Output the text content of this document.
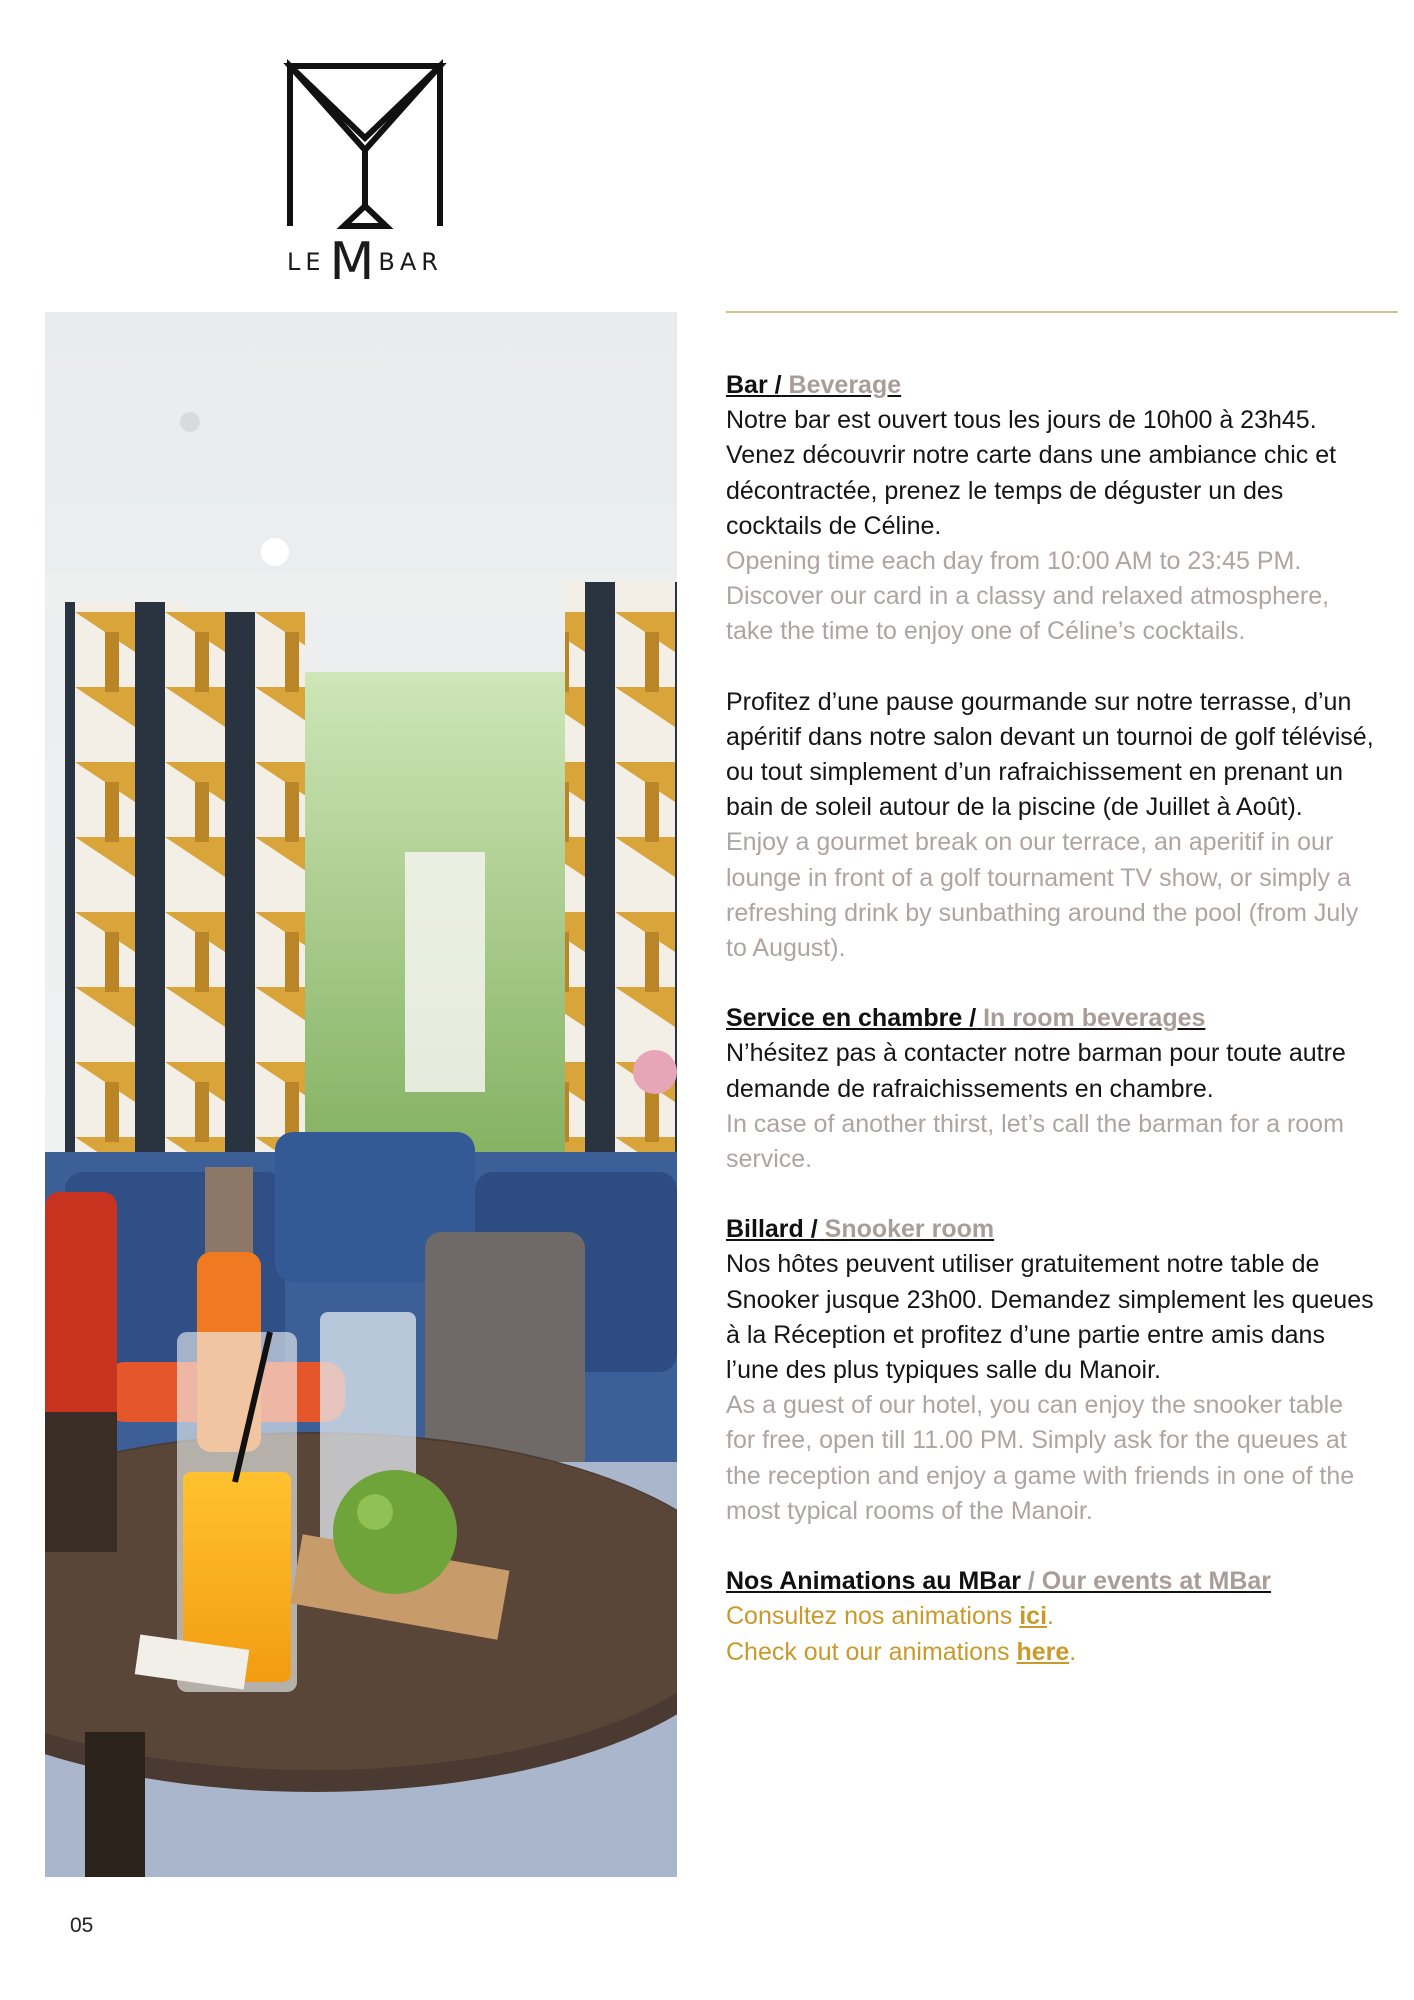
LEM BAR

Bar / Beverage

Notre bar est ouvert tous les jours de 10h00 à 23h45. Venez découvrir notre carte dans une ambiance chic et décontractée, prenez le temps de déguster un des cocktails de Céline.

Opening time each day from 10:00 AM to 23:45 PM. Discover our card in a classy and relaxed atmosphere, take the time to enjoy one of Céline’s cocktails.

Profitez d’une pause gourmande sur notre terrasse, d’un apéritif dans notre salon devant un tournoi de golf télévisé, ou tout simplement d’un rafraichissement en prenant un bain de soleil autour de la piscine (de Juillet à Août).

Enjoy a gourmet break on our terrace, an aperitif in our lounge in front of a golf tournament TV show, or simply a refreshing drink by sunbathing around the pool (from July to August).

Service en chambre / In room beverages

N’hésitez pas à contacter notre barman pour toute autre demande de rafraichissements en chambre.

In case of another thirst, let’s call the barman for a room service.

Billard / Snooker room

Nos hôtes peuvent utiliser gratuitement notre table de Snooker jusque 23h00. Demandez simplement les queues à la Réception et profitez d’une partie entre amis dans l’une des plus typiques salle du Manoir.

As a guest of our hotel, you can enjoy the snooker table for free, open till 11.00 PM. Simply ask for the queues at the reception and enjoy a game with friends in one of the most typical rooms of the Manoir.

Nos Animations au MBar / Our events at MBar

Consultez nos animations ici.

Check out our animations here.

05
